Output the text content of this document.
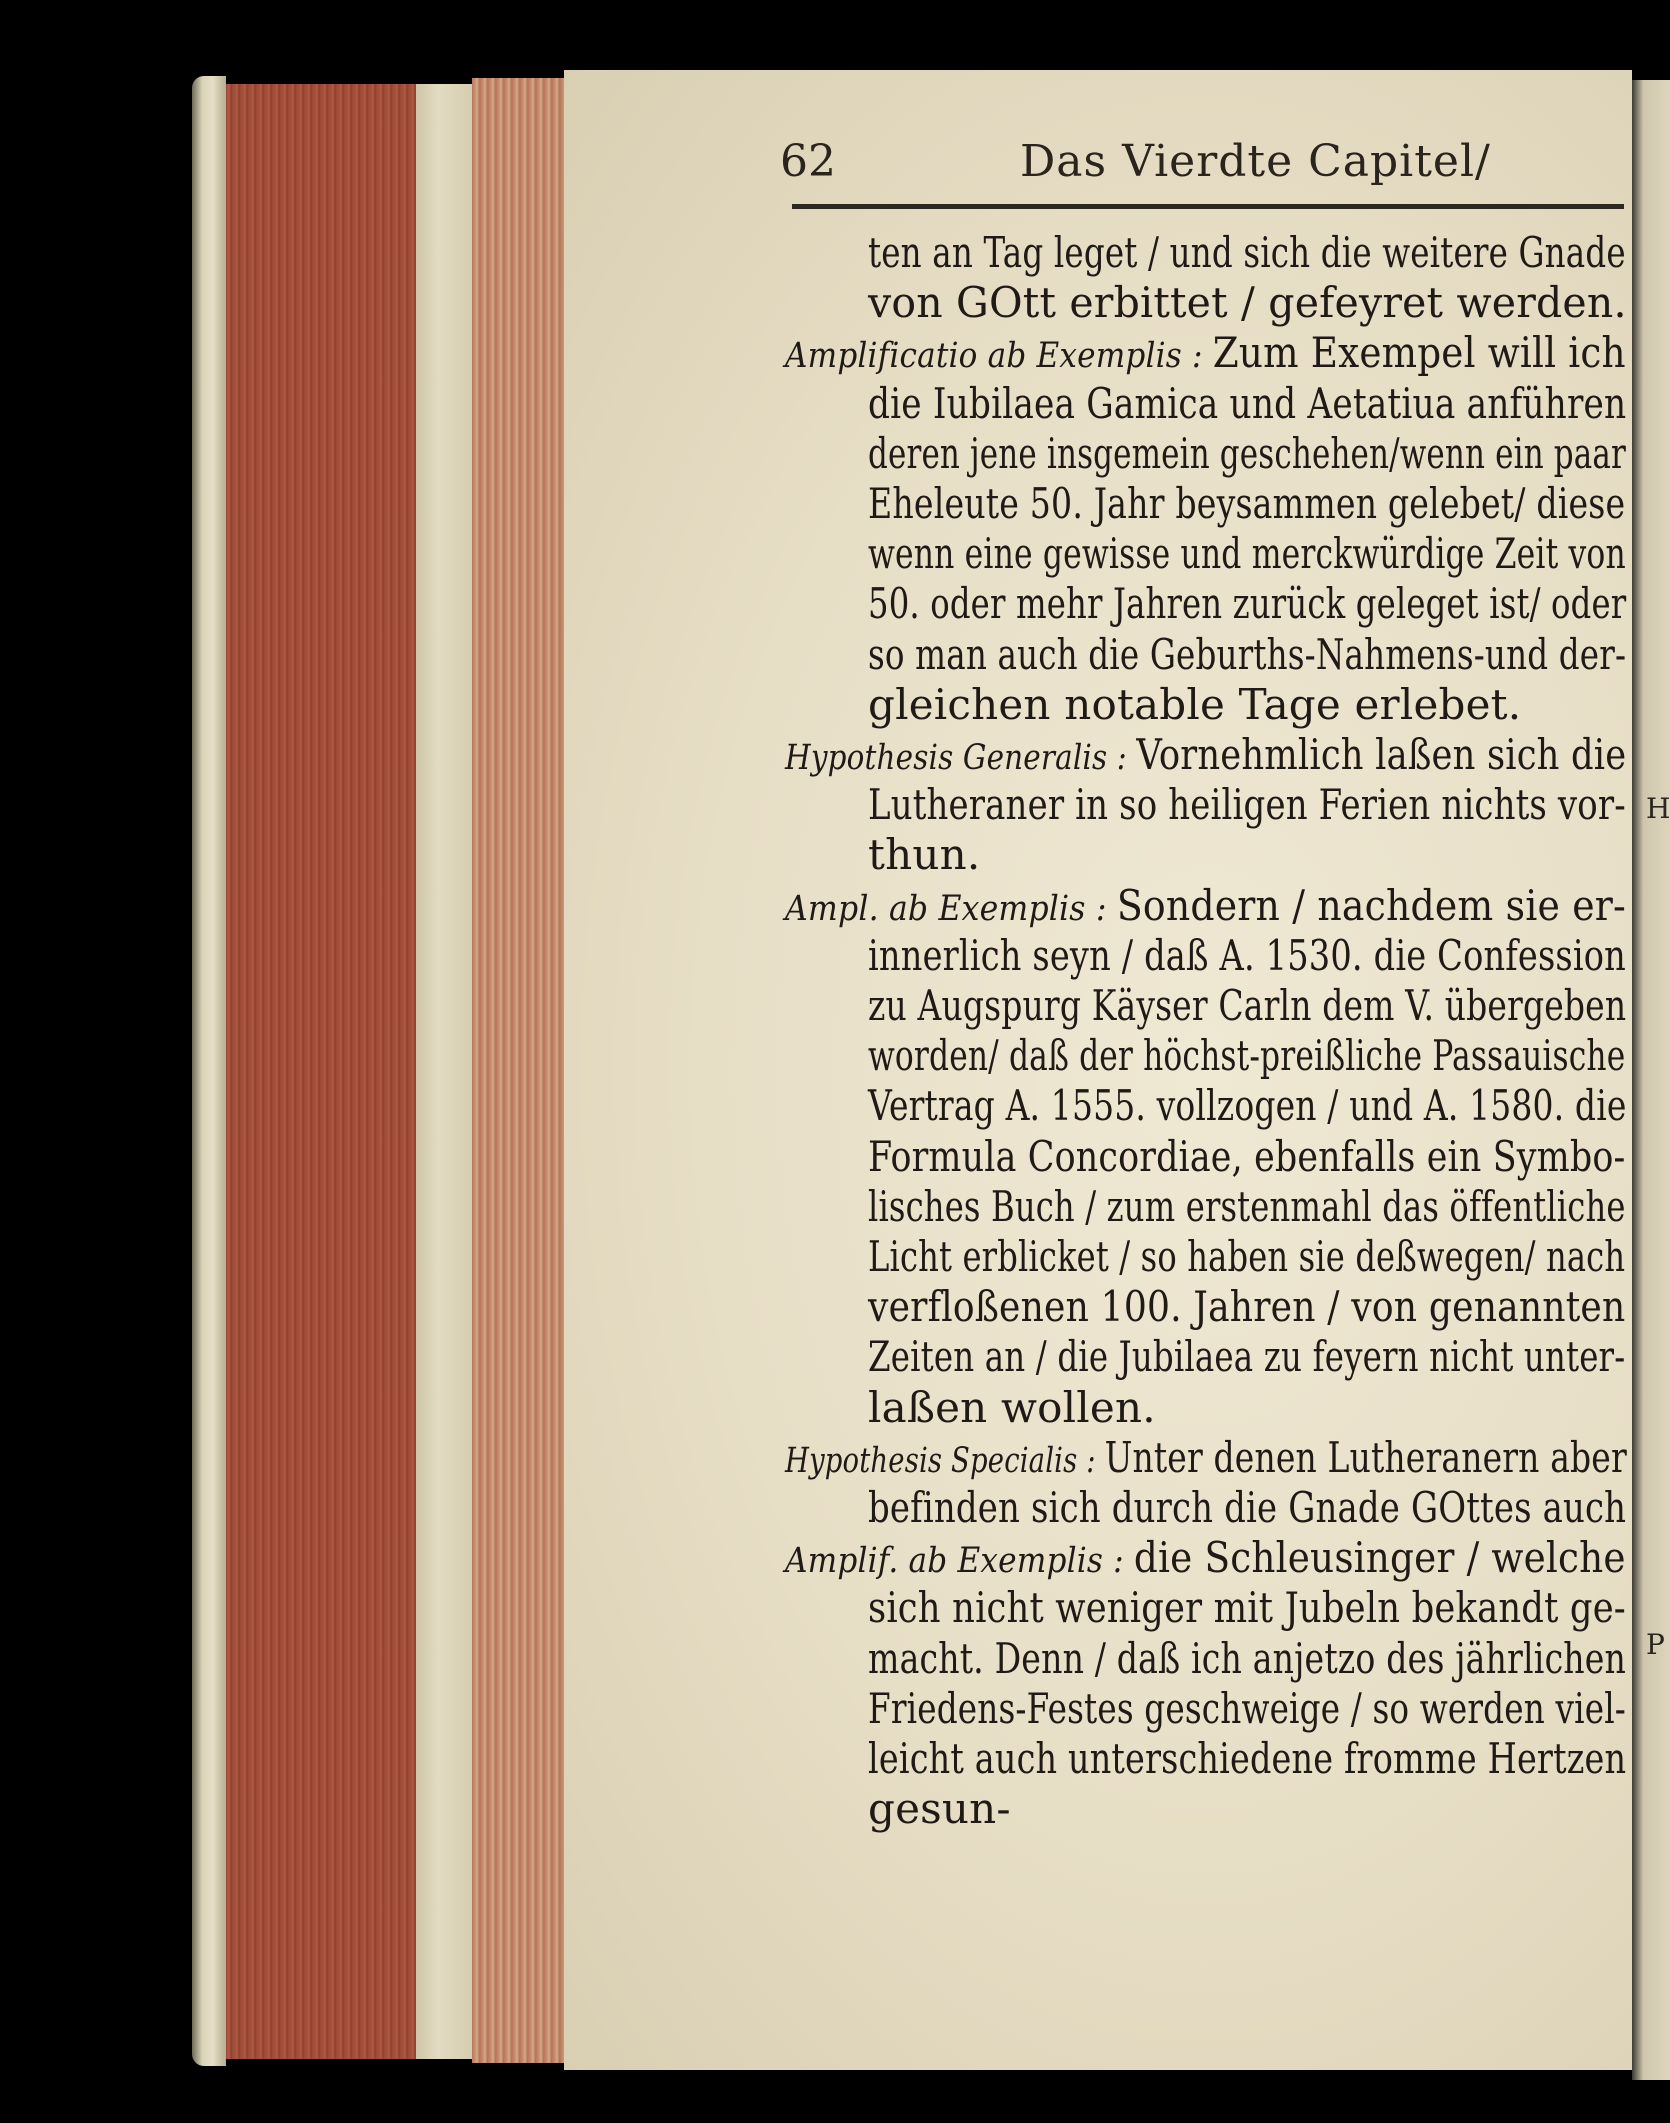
H
P
62	Das Vierdte Capitel/
ten an Tag leget / und sich die weitere Gnade
von GOtt erbittet / gefeyret werden.
Amplificatio ab Exemplis : Zum Exempel will ich
die Iubilaea Gamica und Aetatiua anführen
deren jene insgemein geschehen/wenn ein paar
Eheleute 50. Jahr beysammen gelebet/ diese
wenn eine gewisse und merckwürdige Zeit von
50. oder mehr Jahren zurück geleget ist/ oder
so man auch die Geburths-Nahmens-und der-
gleichen notable Tage erlebet.
Hypothesis Generalis : Vornehmlich laßen sich die
Lutheraner in so heiligen Ferien nichts vor-
thun.
Ampl. ab Exemplis : Sondern / nachdem sie er-
innerlich seyn / daß A. 1530. die Confession
zu Augspurg Käyser Carln dem V. übergeben
worden/ daß der höchst-preißliche Passauische
Vertrag A. 1555. vollzogen / und A. 1580. die
Formula Concordiae, ebenfalls ein Symbo-
lisches Buch / zum erstenmahl das öffentliche
Licht erblicket / so haben sie deßwegen/ nach
verfloßenen 100. Jahren / von genannten
Zeiten an / die Jubilaea zu feyern nicht unter-
laßen wollen.
Hypothesis Specialis : Unter denen Lutheranern aber
befinden sich durch die Gnade GOttes auch
Amplif. ab Exemplis : die Schleusinger / welche
sich nicht weniger mit Jubeln bekandt ge-
macht. Denn / daß ich anjetzo des jährlichen
Friedens-Festes geschweige / so werden viel-
leicht auch unterschiedene fromme Hertzen
gesun-
